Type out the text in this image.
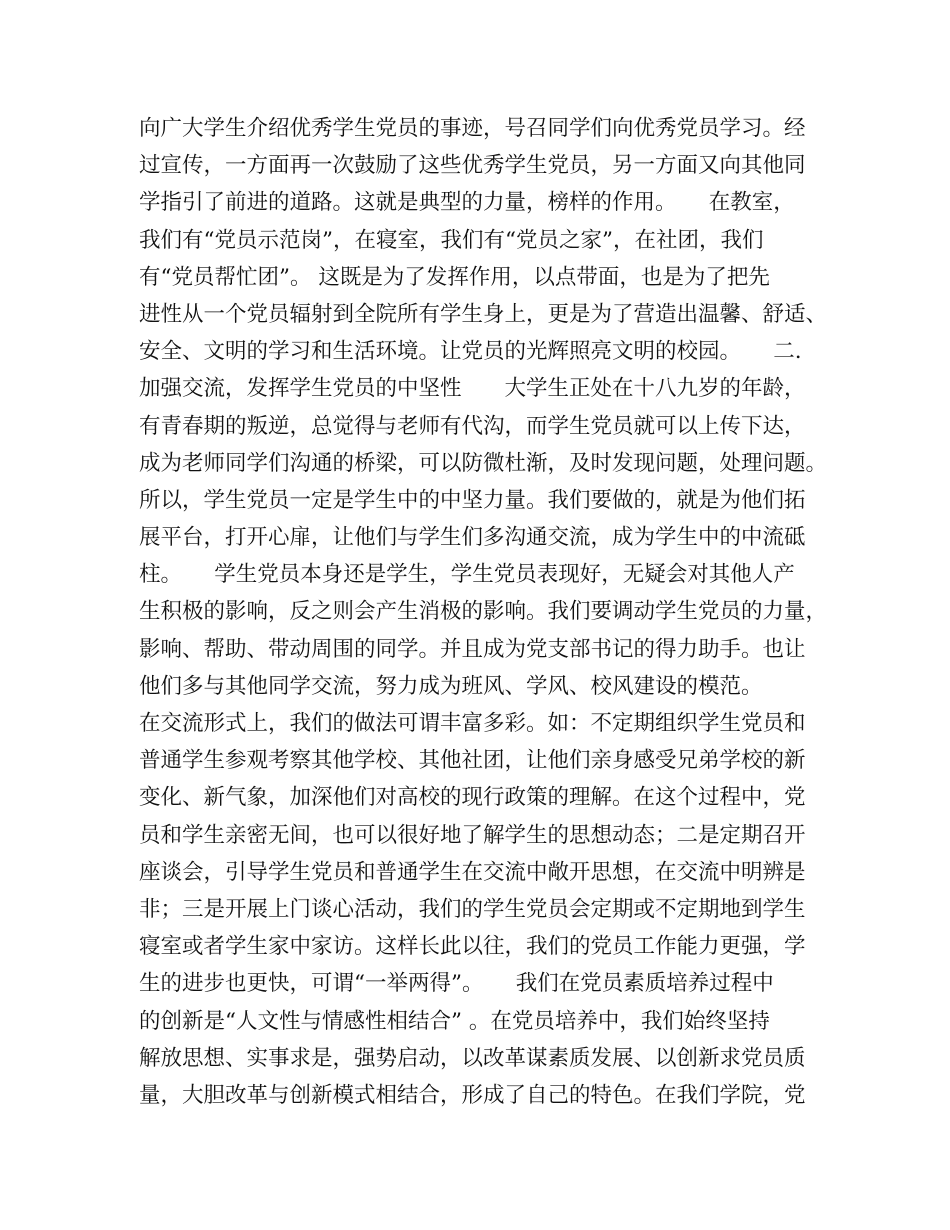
向广大学生介绍优秀学生党员的事迹，号召同学们向优秀党员学习。经
过宣传，一方面再一次鼓励了这些优秀学生党员，另一方面又向其他同
学指引了前进的道路。这就是典型的力量，榜样的作用。　　在教室，
我们有“党员示范岗”，在寝室，我们有“党员之家”，在社团，我们
有“党员帮忙团”。 这既是为了发挥作用，以点带面，也是为了把先
进性从一个党员辐射到全院所有学生身上，更是为了营造出温馨、舒适、
安全、文明的学习和生活环境。让党员的光辉照亮文明的校园。　　二.
加强交流，发挥学生党员的中坚性　　大学生正处在十八九岁的年龄，
有青春期的叛逆，总觉得与老师有代沟，而学生党员就可以上传下达，
成为老师同学们沟通的桥梁，可以防微杜渐，及时发现问题，处理问题。
所以，学生党员一定是学生中的中坚力量。我们要做的，就是为他们拓
展平台，打开心扉，让他们与学生们多沟通交流，成为学生中的中流砥
柱。　　学生党员本身还是学生，学生党员表现好，无疑会对其他人产
生积极的影响，反之则会产生消极的影响。我们要调动学生党员的力量，
影响、帮助、带动周围的同学。并且成为党支部书记的得力助手。也让
他们多与其他同学交流，努力成为班风、学风、校风建设的模范。
在交流形式上，我们的做法可谓丰富多彩。如：不定期组织学生党员和
普通学生参观考察其他学校、其他社团，让他们亲身感受兄弟学校的新
变化、新气象，加深他们对高校的现行政策的理解。在这个过程中，党
员和学生亲密无间，也可以很好地了解学生的思想动态；二是定期召开
座谈会，引导学生党员和普通学生在交流中敞开思想，在交流中明辨是
非；三是开展上门谈心活动，我们的学生党员会定期或不定期地到学生
寝室或者学生家中家访。这样长此以往，我们的党员工作能力更强，学
生的进步也更快，可谓“一举两得”。　　我们在党员素质培养过程中
的创新是“人文性与情感性相结合” 。在党员培养中，我们始终坚持
解放思想、实事求是，强势启动，以改革谋素质发展、以创新求党员质
量，大胆改革与创新模式相结合，形成了自己的特色。在我们学院，党
